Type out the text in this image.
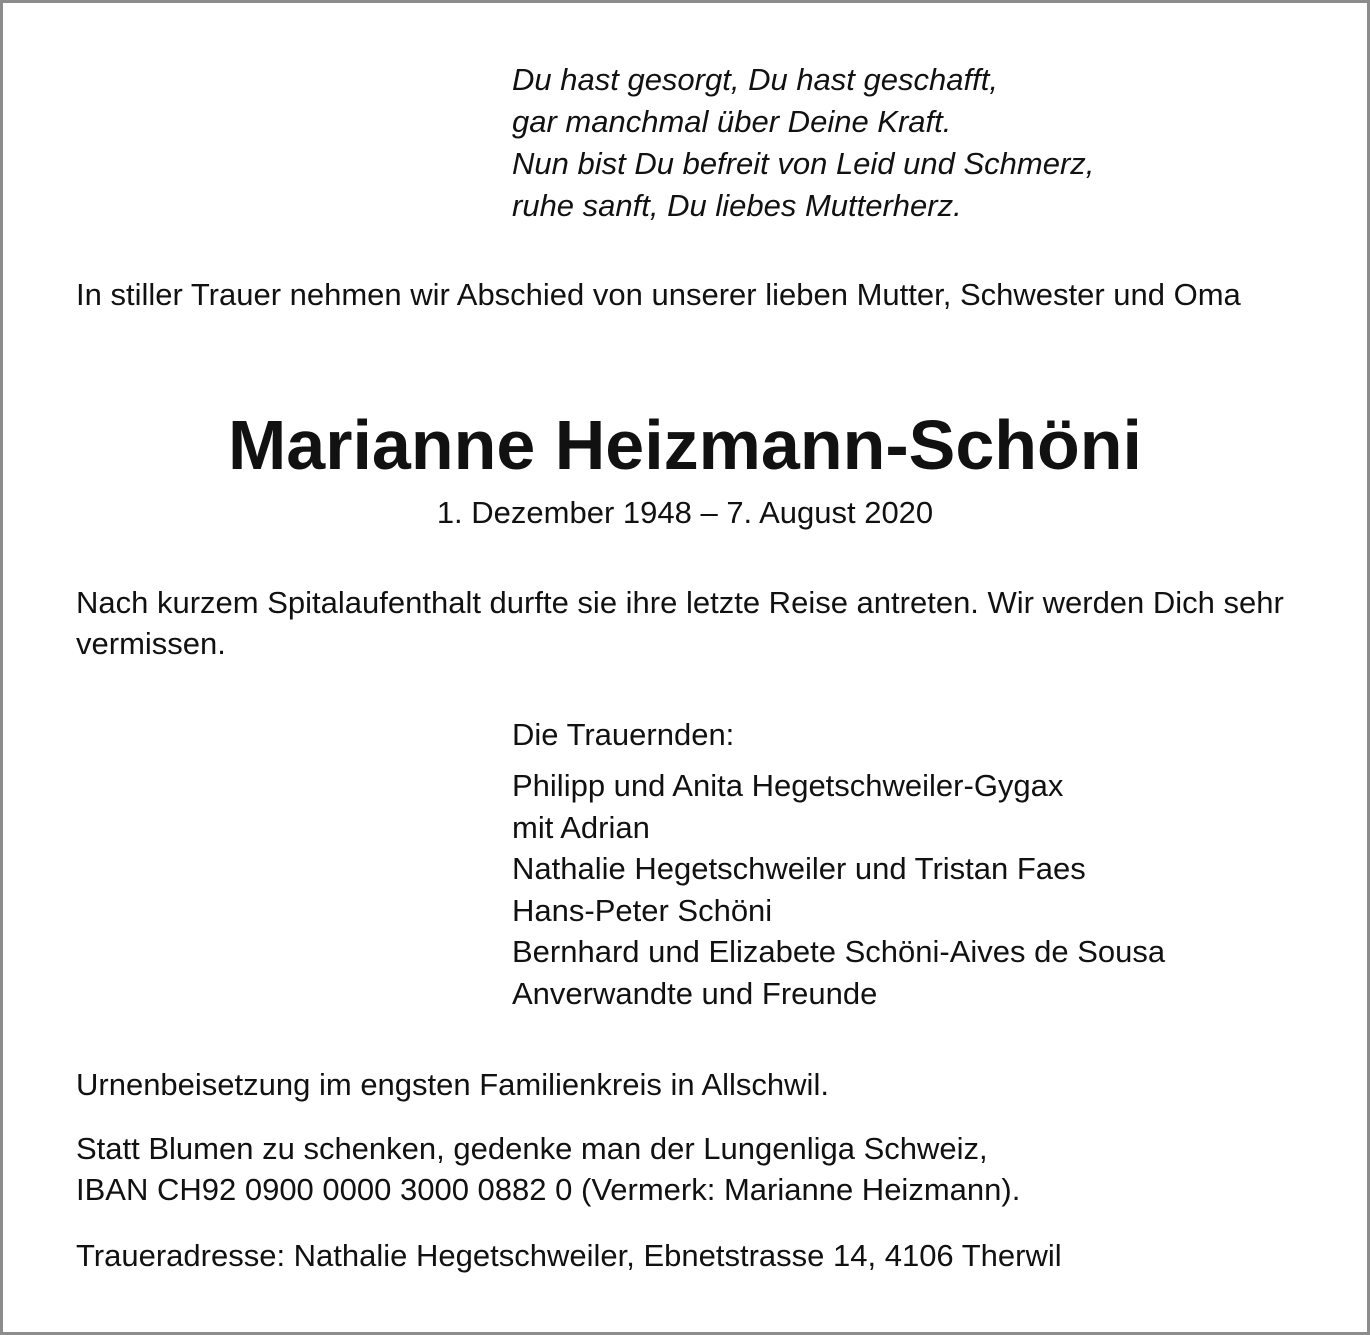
Du hast gesorgt, Du hast geschafft,
gar manchmal über Deine Kraft.
Nun bist Du befreit von Leid und Schmerz,
ruhe sanft, Du liebes Mutterherz.

In stiller Trauer nehmen wir Abschied von unserer lieben Mutter, Schwester und Oma

Marianne Heizmann-Schöni

1. Dezember 1948 – 7. August 2020

Nach kurzem Spitalaufenthalt durfte sie ihre letzte Reise antreten. Wir werden Dich sehr vermissen.

Die Trauernden:

Philipp und Anita Hegetschweiler-Gygax
mit Adrian
Nathalie Hegetschweiler und Tristan Faes
Hans-Peter Schöni
Bernhard und Elizabete Schöni-Aives de Sousa
Anverwandte und Freunde

Urnenbeisetzung im engsten Familienkreis in Allschwil.

Statt Blumen zu schenken, gedenke man der Lungenliga Schweiz,
IBAN CH92 0900 0000 3000 0882 0 (Vermerk: Marianne Heizmann).

Traueradresse: Nathalie Hegetschweiler, Ebnetstrasse 14, 4106 Therwil
